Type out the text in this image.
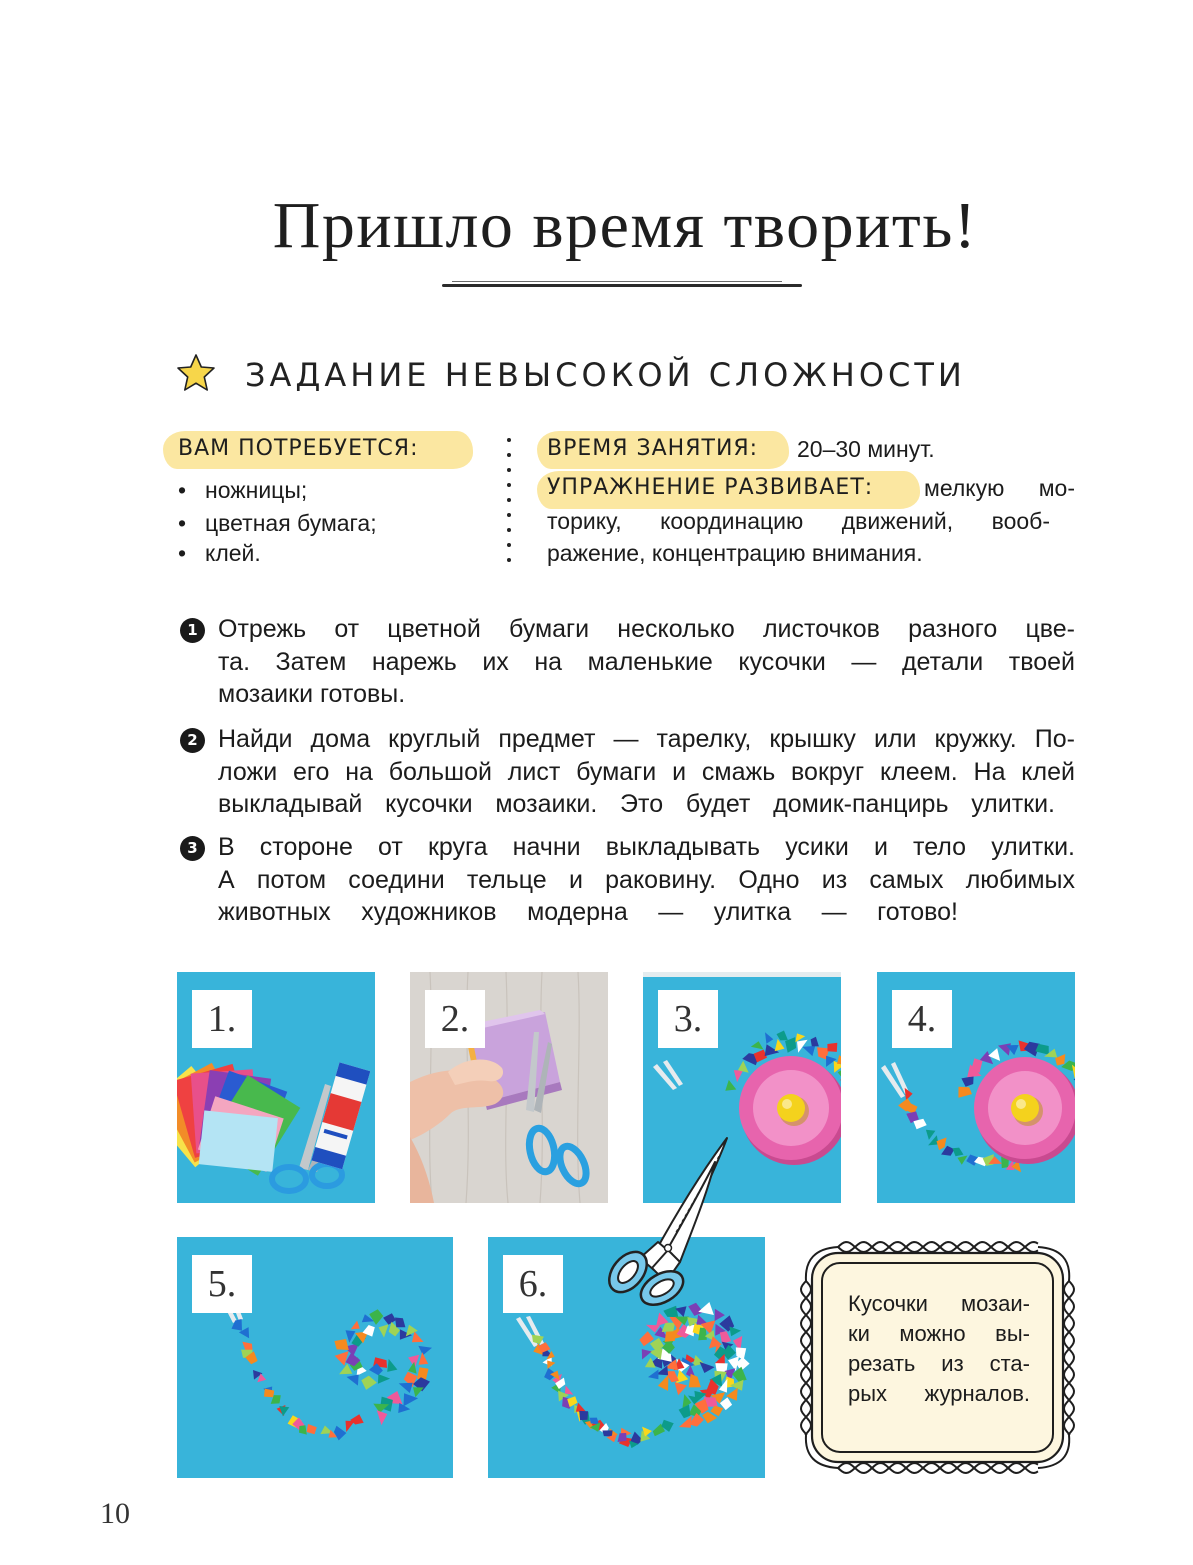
Пришло время творить!
ЗАДАНИЕ НЕВЫСОКОЙ СЛОЖНОСТИ
ВАМ ПОТРЕБУЕТСЯ:
• ножницы;
• цветная бумага;
• клей.
ВРЕМЯ ЗАНЯТИЯ: 20–30 минут.
УПРАЖНЕНИЕ РАЗВИВАЕТ: мелкую мо-
торику, координацию движений, вооб-
ражение, концентрацию внимания.
1 Отрежь от цветной бумаги несколько листочков разного цве-
та. Затем нарежь их на маленькие кусочки — детали твоей
мозаики готовы.
2 Найди дома круглый предмет — тарелку, крышку или кружку. По-
ложи его на большой лист бумаги и смажь вокруг клеем. На клей
выкладывай кусочки мозаики. Это будет домик-панцирь улитки.
3 В стороне от круга начни выкладывать усики и тело улитки.
А потом соедини тельце и раковину. Одно из самых любимых
животных художников модерна — улитка — готово!
1.	2.	3.	4.
5.	6.	Кусочки мозаи-
ки можно вы-
резать из ста-
рых журналов.
10
